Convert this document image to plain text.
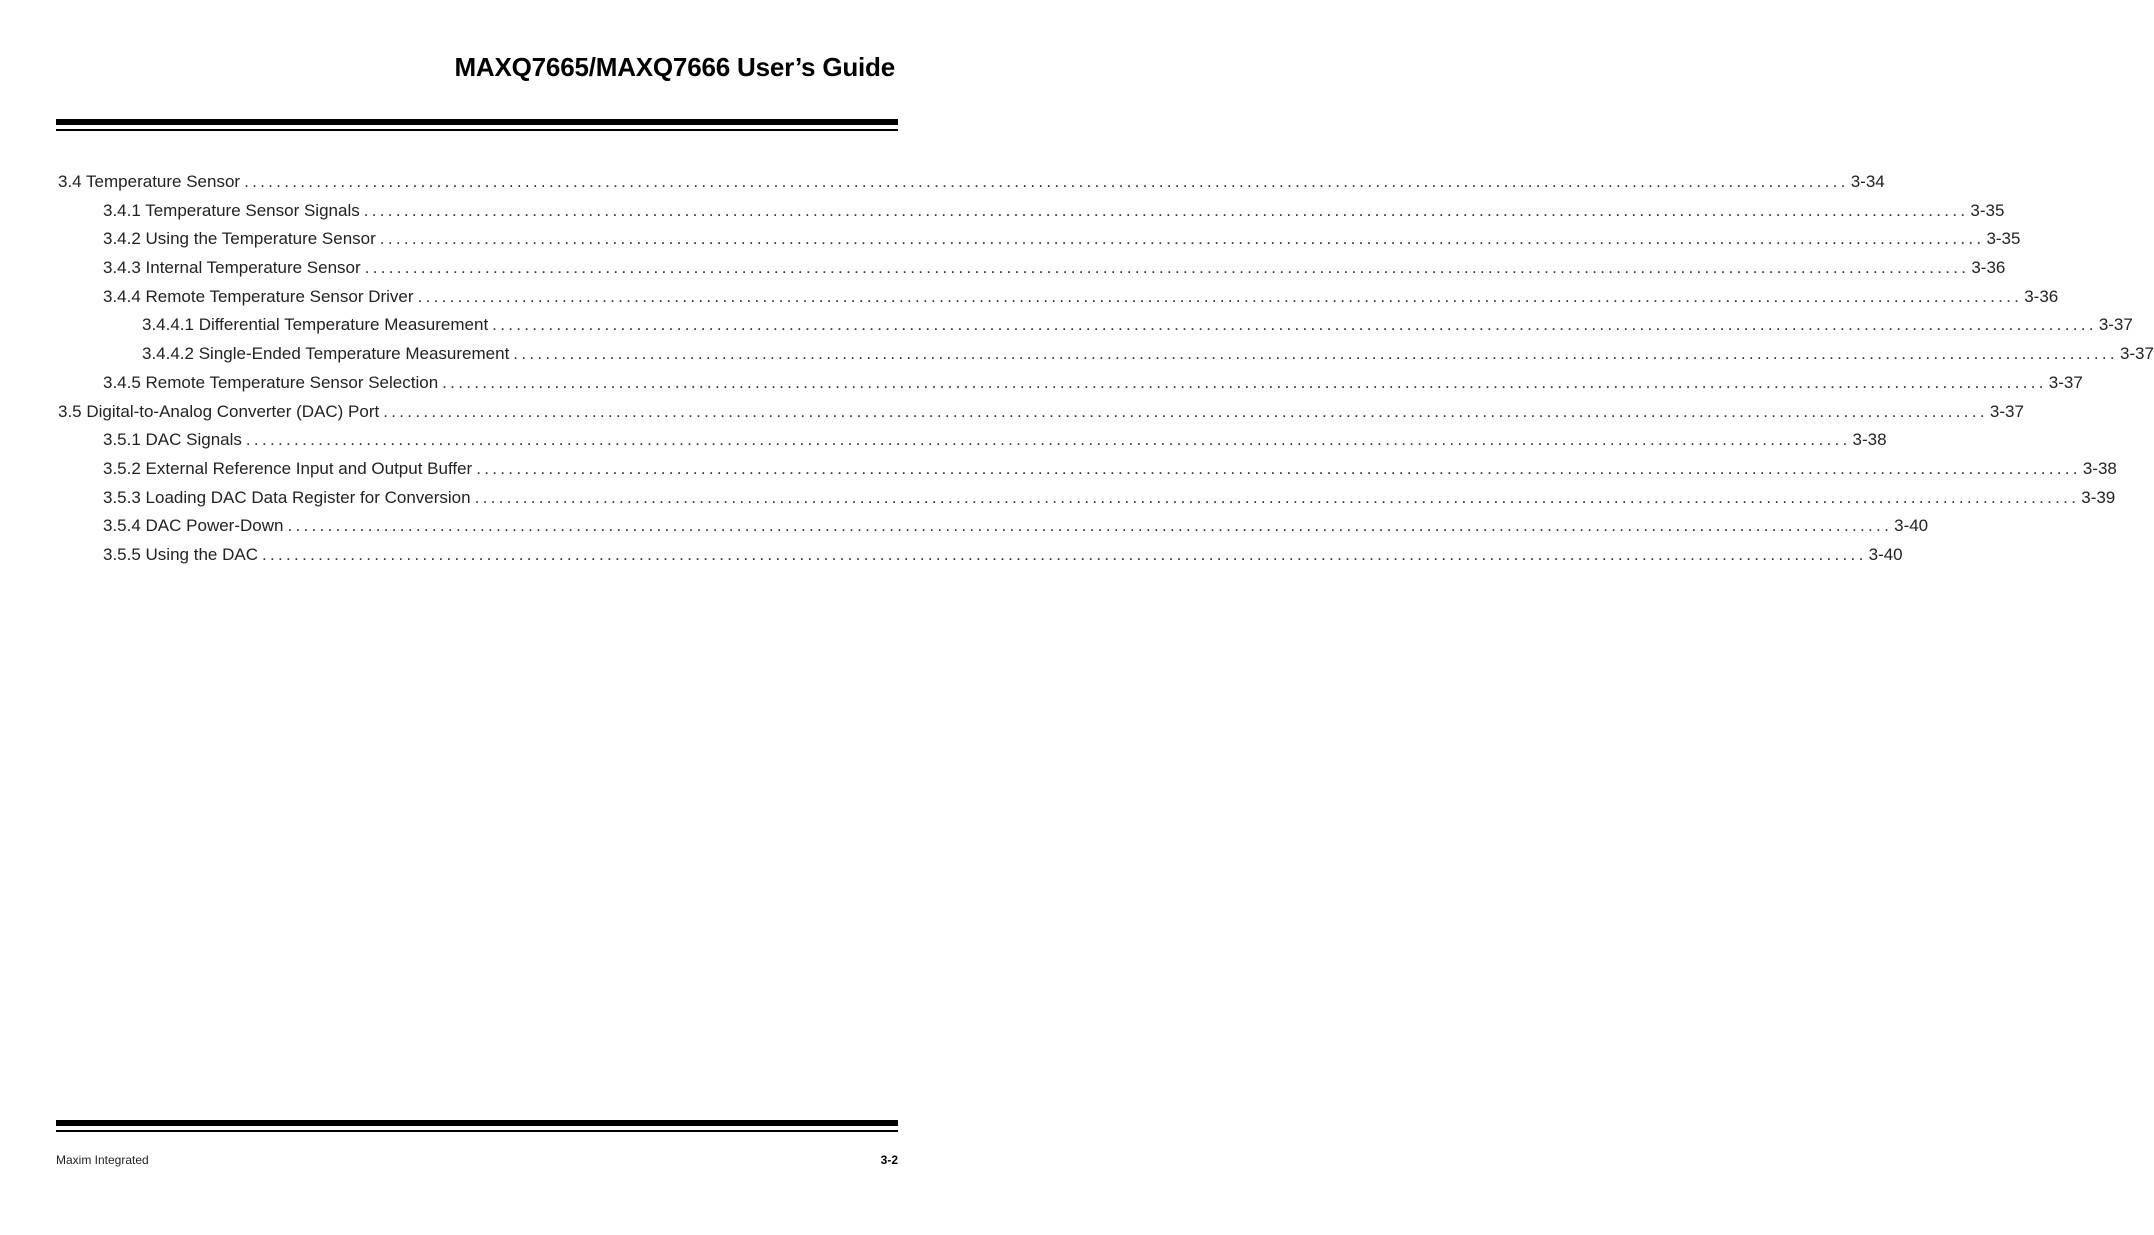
MAXQ7665/MAXQ7666 User’s Guide
3.4 Temperature Sensor ........................................................................................................................................................................................................ 3-34
3.4.1 Temperature Sensor Signals ........................................................................................................................................................................................................ 3-35
3.4.2 Using the Temperature Sensor ........................................................................................................................................................................................................ 3-35
3.4.3 Internal Temperature Sensor ........................................................................................................................................................................................................ 3-36
3.4.4 Remote Temperature Sensor Driver ........................................................................................................................................................................................................ 3-36
3.4.4.1 Differential Temperature Measurement ........................................................................................................................................................................................................ 3-37
3.4.4.2 Single-Ended Temperature Measurement ........................................................................................................................................................................................................ 3-37
3.4.5 Remote Temperature Sensor Selection ........................................................................................................................................................................................................ 3-37
3.5 Digital-to-Analog Converter (DAC) Port ........................................................................................................................................................................................................ 3-37
3.5.1 DAC Signals ........................................................................................................................................................................................................ 3-38
3.5.2 External Reference Input and Output Buffer ........................................................................................................................................................................................................ 3-38
3.5.3 Loading DAC Data Register for Conversion ........................................................................................................................................................................................................ 3-39
3.5.4 DAC Power-Down ........................................................................................................................................................................................................ 3-40
3.5.5 Using the DAC ........................................................................................................................................................................................................ 3-40
Maxim Integrated	3-2
